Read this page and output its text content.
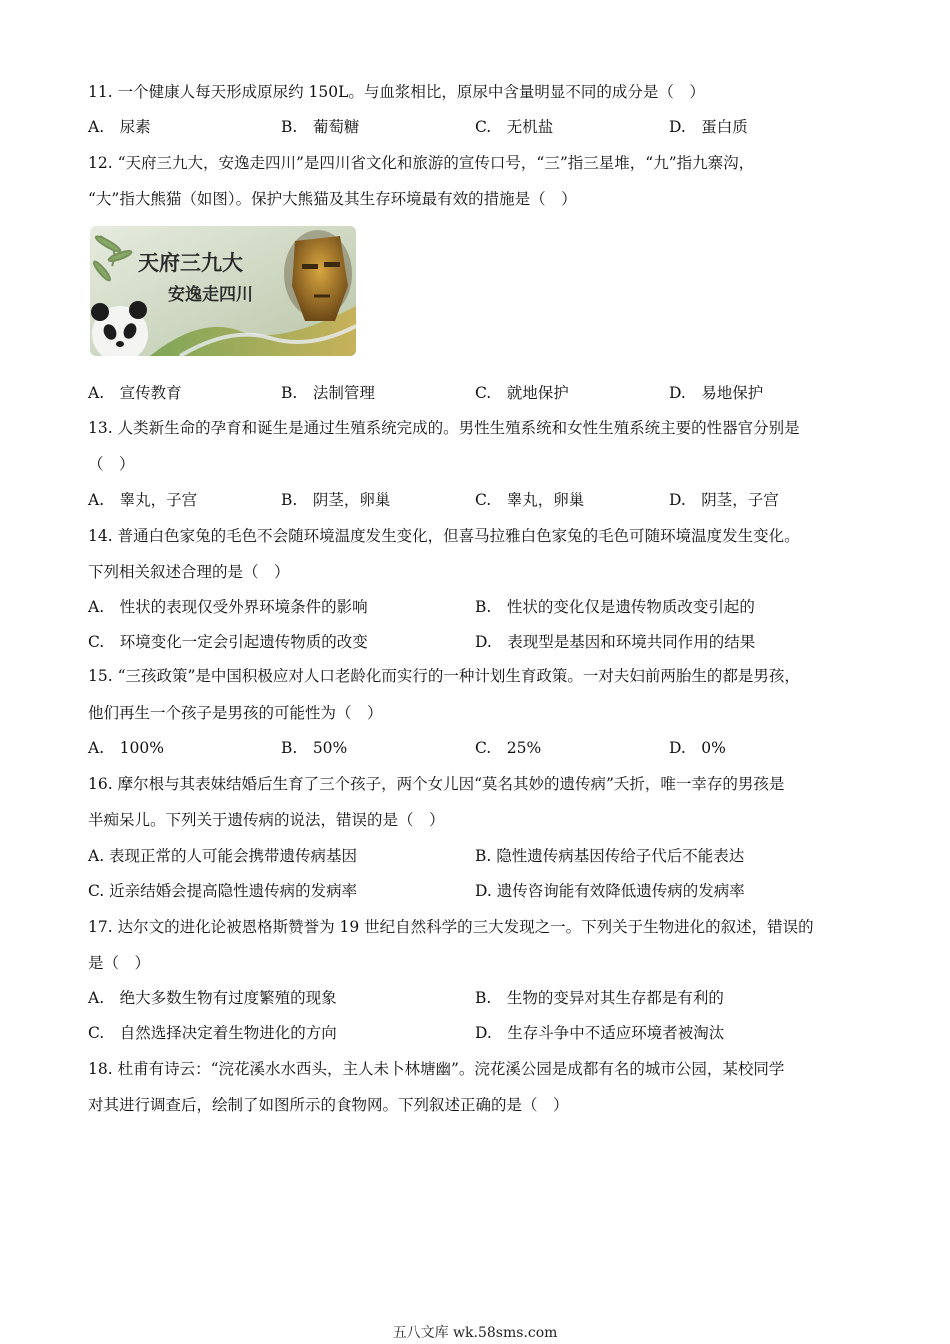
11. 一个健康人每天形成原尿约 150L。与血浆相比，原尿中含量明显不同的成分是（　）
A.　尿素	B.　葡萄糖	C.　无机盐	D.　蛋白质
12. “天府三九大，安逸走四川”是四川省文化和旅游的宣传口号，“三”指三星堆，“九”指九寨沟，
“大”指大熊猫（如图）。保护大熊猫及其生存环境最有效的措施是（　）
天府三九大
安逸走四川
A.　宣传教育	B.　法制管理	C.　就地保护	D.　易地保护
13. 人类新生命的孕育和诞生是通过生殖系统完成的。男性生殖系统和女性生殖系统主要的性器官分别是
（　）
A.　睾丸，子宫	B.　阴茎，卵巢	C.　睾丸，卵巢	D.　阴茎，子宫
14. 普通白色家兔的毛色不会随环境温度发生变化，但喜马拉雅白色家兔的毛色可随环境温度发生变化。
下列相关叙述合理的是（　）
A.　性状的表现仅受外界环境条件的影响	B.　性状的变化仅是遗传物质改变引起的
C.　环境变化一定会引起遗传物质的改变	D.　表现型是基因和环境共同作用的结果
15. “三孩政策”是中国积极应对人口老龄化而实行的一种计划生育政策。一对夫妇前两胎生的都是男孩，
他们再生一个孩子是男孩的可能性为（　）
A.　100%	B.　50%	C.　25%	D.　0%
16. 摩尔根与其表妹结婚后生育了三个孩子，两个女儿因“莫名其妙的遗传病”夭折，唯一幸存的男孩是
半痴呆儿。下列关于遗传病的说法，错误的是（　）
A. 表现正常的人可能会携带遗传病基因	B. 隐性遗传病基因传给子代后不能表达
C. 近亲结婚会提高隐性遗传病的发病率	D. 遗传咨询能有效降低遗传病的发病率
17. 达尔文的进化论被恩格斯赞誉为 19 世纪自然科学的三大发现之一。下列关于生物进化的叙述，错误的
是（　）
A.　绝大多数生物有过度繁殖的现象	B.　生物的变异对其生存都是有利的
C.　自然选择决定着生物进化的方向	D.　生存斗争中不适应环境者被淘汰
18. 杜甫有诗云：“浣花溪水水西头，主人未卜林塘幽”。浣花溪公园是成都有名的城市公园，某校同学
对其进行调查后，绘制了如图所示的食物网。下列叙述正确的是（　）
五八文库 wk.58sms.com
